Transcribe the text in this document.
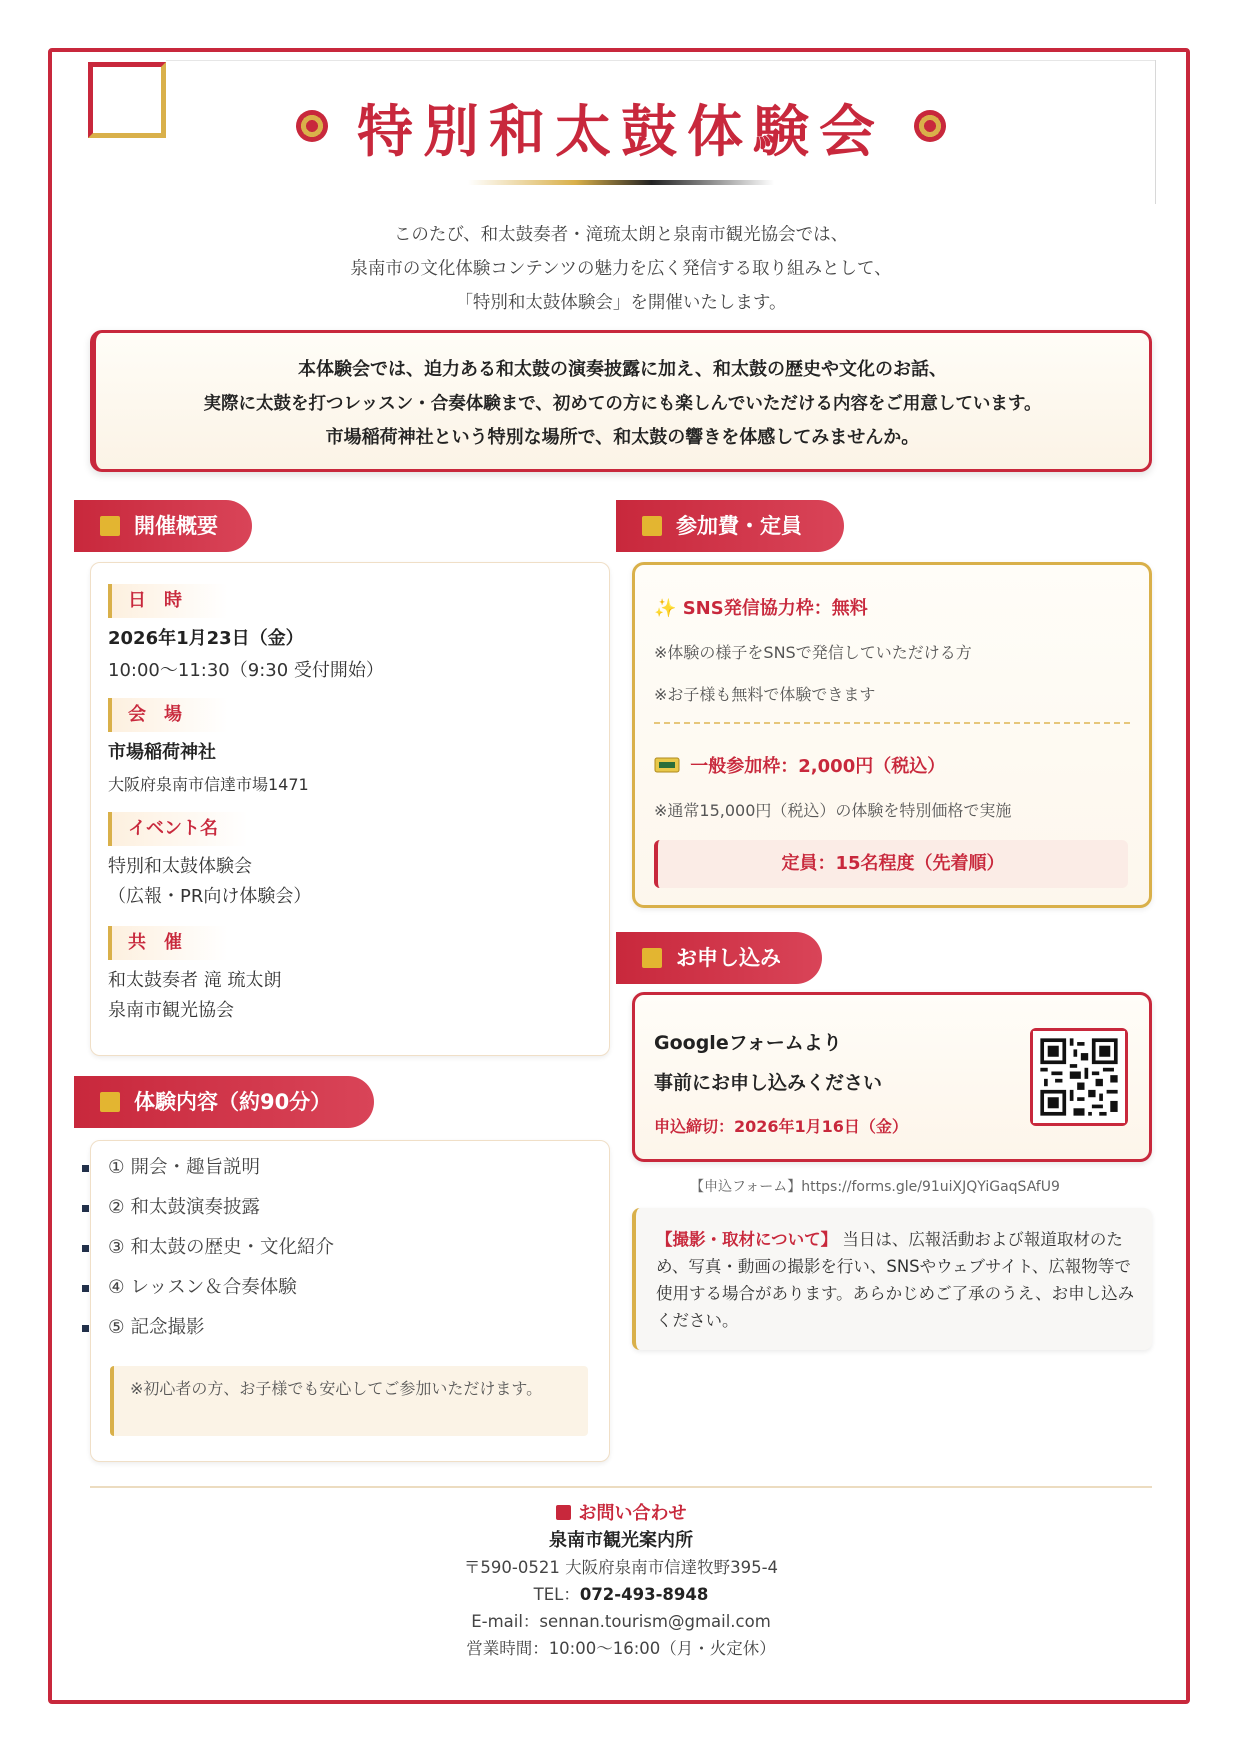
特別和太鼓体験会
このたび、和太鼓奏者・滝琉太朗と泉南市観光協会では、
泉南市の文化体験コンテンツの魅力を広く発信する取り組みとして、
「特別和太鼓体験会」を開催いたします。
本体験会では、迫力ある和太鼓の演奏披露に加え、和太鼓の歴史や文化のお話、
実際に太鼓を打つレッスン・合奏体験まで、初めての方にも楽しんでいただける内容をご用意しています。
市場稲荷神社という特別な場所で、和太鼓の響きを体感してみませんか。
開催概要
日　時
2026年1月23日（金）
10:00～11:30（9:30 受付開始）
会　場
市場稲荷神社
大阪府泉南市信達市場1471
イベント名
特別和太鼓体験会
（広報・PR向け体験会）
共　催
和太鼓奏者 滝 琉太朗
泉南市観光協会
体験内容（約90分）
① 開会・趣旨説明
② 和太鼓演奏披露
③ 和太鼓の歴史・文化紹介
④ レッスン＆合奏体験
⑤ 記念撮影
※初心者の方、お子様でも安心してご参加いただけます。
参加費・定員
✨ SNS発信協力枠：無料
※体験の様子をSNSで発信していただける方
※お子様も無料で体験できます
一般参加枠：2,000円（税込）
※通常15,000円（税込）の体験を特別価格で実施
定員：15名程度（先着順）
お申し込み
Googleフォームより
事前にお申し込みください
申込締切：2026年1月16日（金）
【申込フォーム】https://forms.gle/91uiXJQYiGaqSAfU9
【撮影・取材について】 当日は、広報活動および報道取材のため、写真・動画の撮影を行い、SNSやウェブサイト、広報物等で使用する場合があります。あらかじめご了承のうえ、お申し込みください。
お問い合わせ
泉南市観光案内所
〒590-0521 大阪府泉南市信達牧野395-4
TEL：072-493-8948
E-mail：sennan.tourism@gmail.com
営業時間：10:00～16:00（月・火定休）
